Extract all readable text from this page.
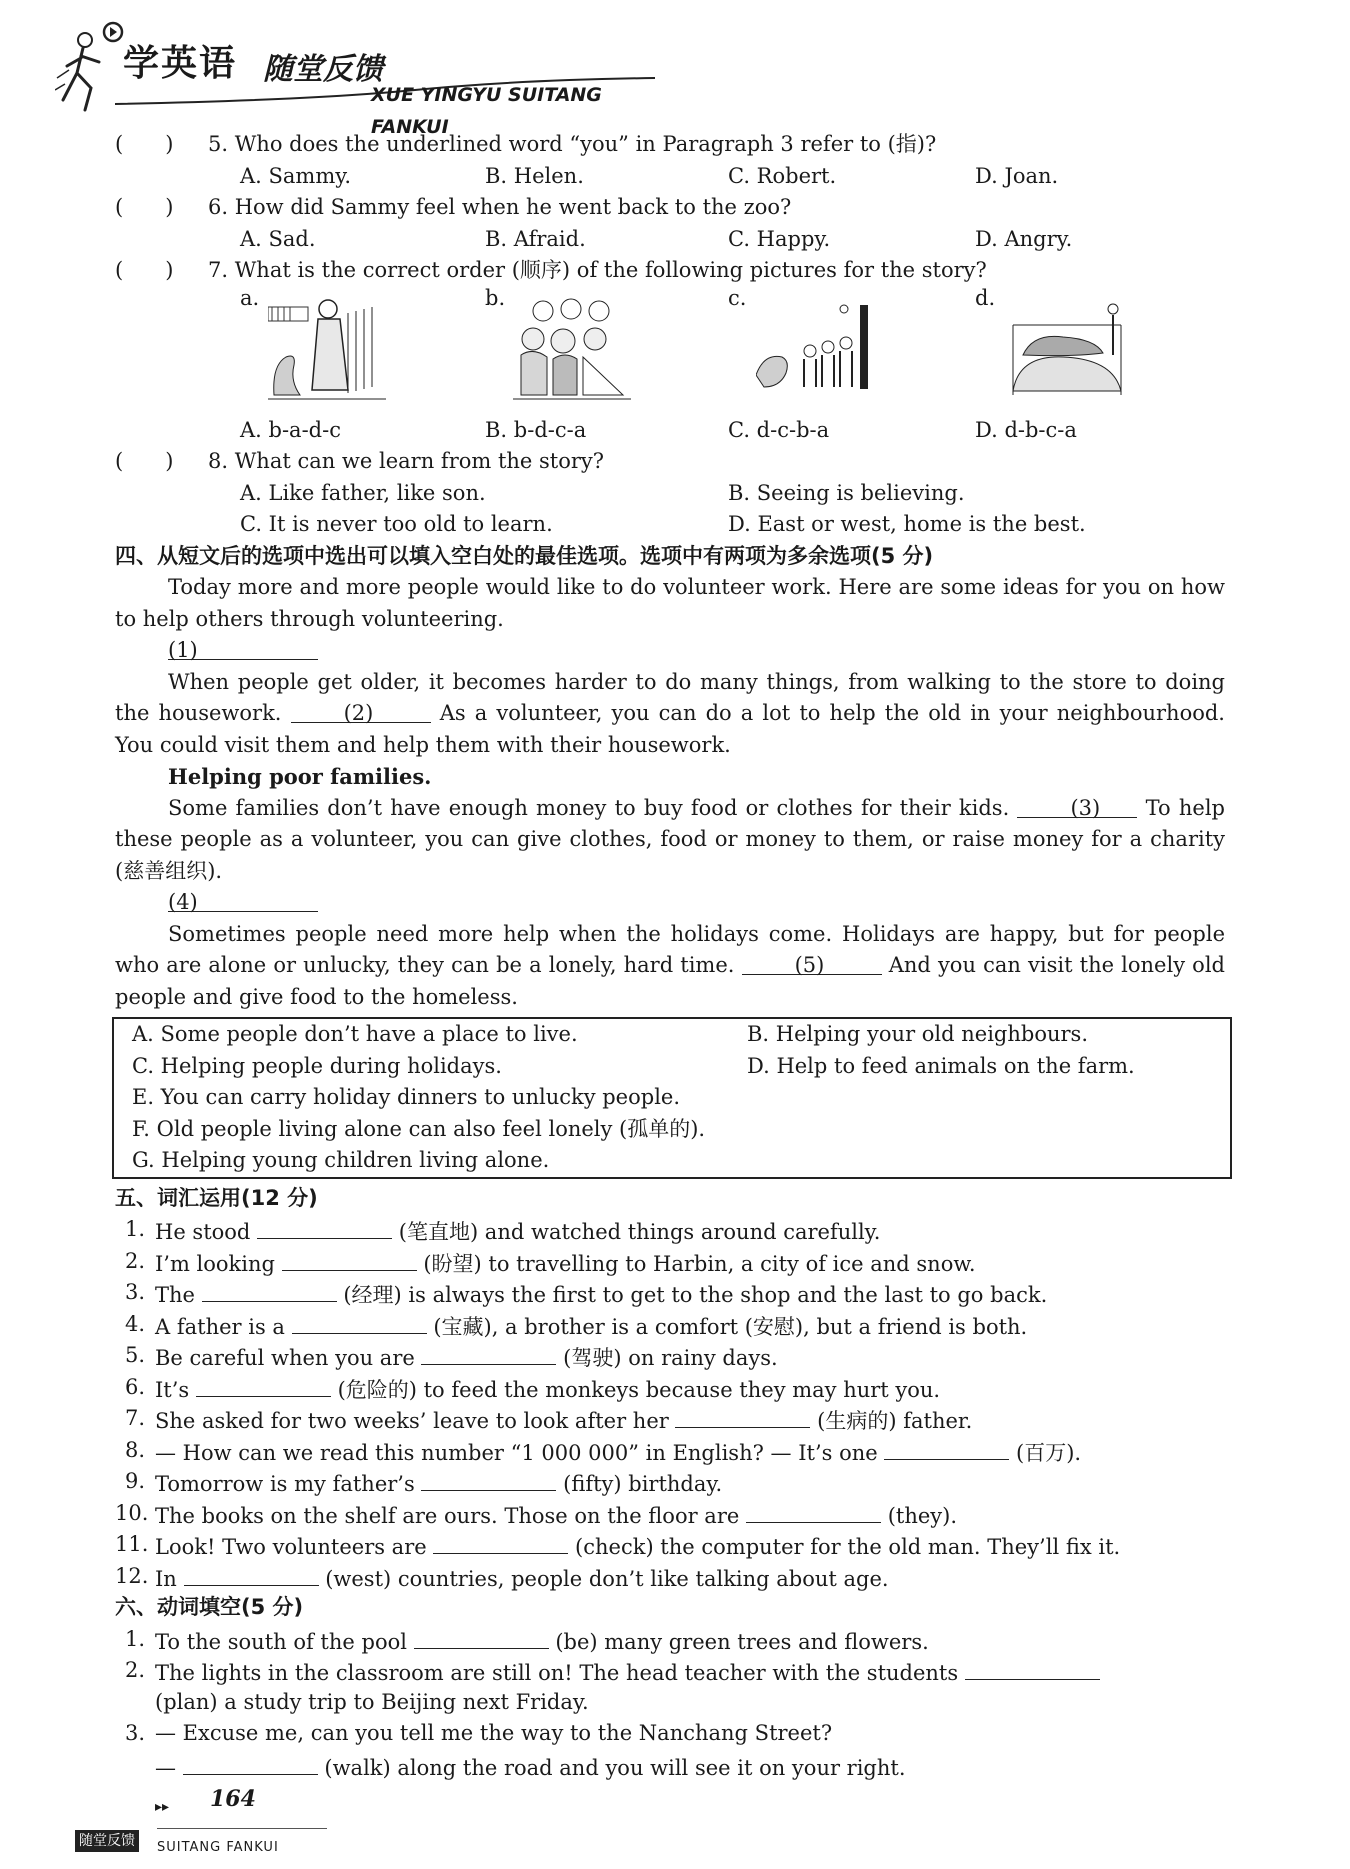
学英语 随堂反馈
XUE YINGYU SUITANG FANKUI
(　　) 5. Who does the underlined word “you” in Paragraph 3 refer to (指)?
A. Sammy.	B. Helen.	C. Robert.	D. Joan.
(　　) 6. How did Sammy feel when he went back to the zoo?
A. Sad.	B. Afraid.	C. Happy.	D. Angry.
(　　) 7. What is the correct order (顺序) of the following pictures for the story?
a.	b.	c.	d.
A. b-a-d-c	B. b-d-c-a	C. d-c-b-a	D. d-b-c-a
(　　) 8. What can we learn from the story?
A. Like father, like son.	B. Seeing is believing.
C. It is never too old to learn.	D. East or west, home is the best.
四、从短文后的选项中选出可以填入空白处的最佳选项。选项中有两项为多余选项(5 分)

Today more and more people would like to do volunteer work. Here are some ideas for you on how to help others through volunteering.

(1)

When people get older, it becomes harder to do many things, from walking to the store to doing the housework.	(2)	As a volunteer, you can do a lot to help the old in your neighbourhood. You could visit them and help them with their housework.

Helping poor families.

Some families don’t have enough money to buy food or clothes for their kids.	(3) To help these people as a volunteer, you can give clothes, food or money to them, or raise money for a charity (慈善组织).

(4)

Sometimes people need more help when the holidays come. Holidays are happy, but for people who are alone or unlucky, they can be a lonely, hard time.	(5)	And you can visit the lonely old people and give food to the homeless.

A. Some people don’t have a place to live.	B. Helping your old neighbours.
C. Helping people during holidays.	D. Help to feed animals on the farm.
E. You can carry holiday dinners to unlucky people.
F. Old people living alone can also feel lonely (孤单的).
G. Helping young children living alone.
五、词汇运用(12 分)
1. He stood	(笔直地) and watched things around carefully.
2. I’m looking	(盼望) to travelling to Harbin, a city of ice and snow.
3. The	(经理) is always the first to get to the shop and the last to go back.
4. A father is a	(宝藏), a brother is a comfort (安慰), but a friend is both.
5. Be careful when you are	(驾驶) on rainy days.
6. It’s	(危险的) to feed the monkeys because they may hurt you.
7. She asked for two weeks’ leave to look after her	(生病的) father.
8. — How can we read this number “1 000 000” in English? — It’s one	(百万).
9. Tomorrow is my father’s	(fifty) birthday.
10. The books on the shelf are ours. Those on the floor are	(they).
11. Look! Two volunteers are	(check) the computer for the old man. They’ll fix it.
12. In	(west) countries, people don’t like talking about age.
六、动词填空(5 分)
1. To the south of the pool	(be) many green trees and flowers.
2. The lights in the classroom are still on! The head teacher with the students
(plan) a study trip to Beijing next Friday.
3. — Excuse me, can you tell me the way to the Nanchang Street?
—	(walk) along the road and you will see it on your right.
▸▸ 164
随堂反馈	SUITANG FANKUI
